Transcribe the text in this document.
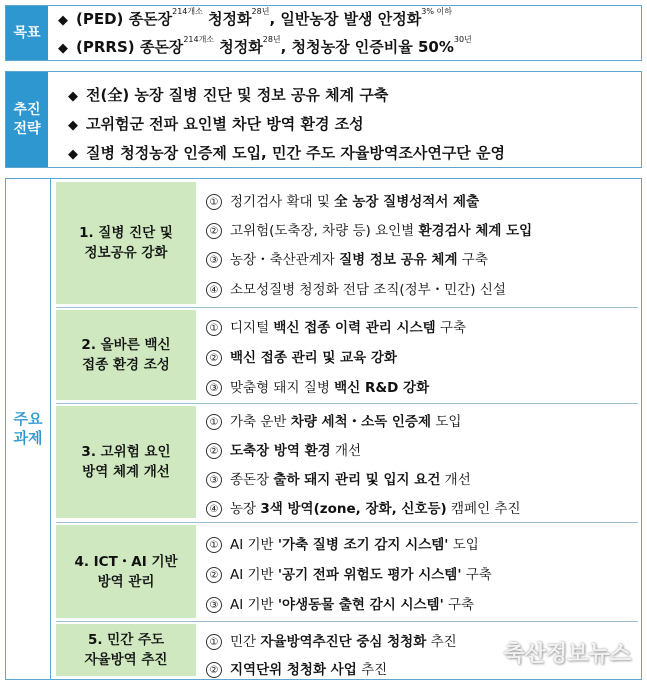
목표
◆ (PED) 종돈장$^{214개소}$ 청정화$^{28년}$, 일반농장 발생 안정화$^{3\% 이하}$
◆ (PRRS) 종돈장$^{214개소}$ 청정화$^{28년}$, 청청농장 인증비율 50%$^{30년}$
추진
전략
◆ 전(全) 농장 질병 진단 및 정보 공유 체계 구축
◆ 고위험군 전파 요인별 차단 방역 환경 조성
◆ 질병 청정농장 인증제 도입, 민간 주도 자율방역조사연구단 운영
주요
과제
1. 질병 진단 및
정보공유 강화
① 정기검사 확대 및 全 농장 질병성적서 제출
② 고위험(도축장, 차량 등) 요인별 환경검사 체계 도입
③ 농장・축산관계자 질병 정보 공유 체계 구축
④ 소모성질병 청정화 전담 조직(정부・민간) 신설
2. 올바른 백신
접종 환경 조성
① 디지털 백신 접종 이력 관리 시스템 구축
② 백신 접종 관리 및 교육 강화
③ 맞춤형 돼지 질병 백신 R&D 강화
3. 고위험 요인
방역 체계 개선
① 가축 운반 차량 세척・소독 인증제 도입
② 도축장 방역 환경 개선
③ 종돈장 출하 돼지 관리 및 입지 요건 개선
④ 농장 3색 방역(zone, 장화, 신호등) 캠페인 추진
4. ICT・AI 기반
방역 관리
① AI 기반 '가축 질병 조기 감지 시스템' 도입
② AI 기반 '공기 전파 위험도 평가 시스템' 구축
③ AI 기반 '야생동물 출현 감시 시스템' 구축
5. 민간 주도
자율방역 추진
① 민간 자율방역추진단 중심 청청화 추진
② 지역단위 청청화 사업 추진
축산정보뉴스
